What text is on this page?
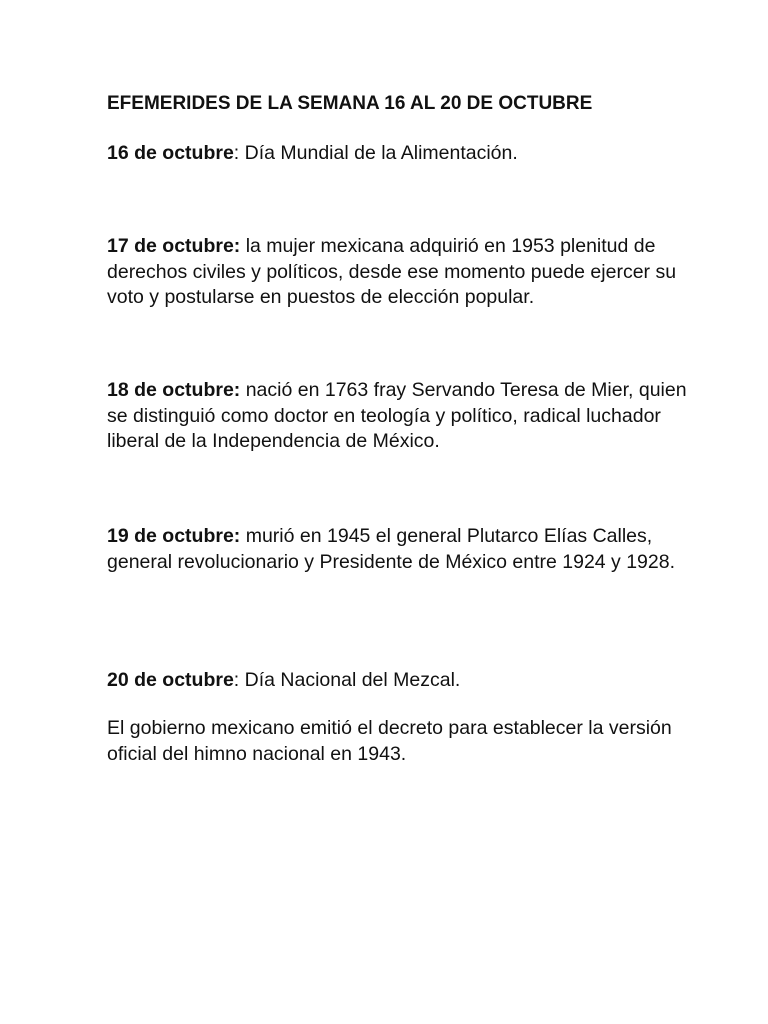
EFEMERIDES DE LA SEMANA 16 AL 20 DE OCTUBRE

16 de octubre: Día Mundial de la Alimentación.

17 de octubre: la mujer mexicana adquirió en 1953 plenitud de derechos civiles y políticos, desde ese momento puede ejercer su voto y postularse en puestos de elección popular.

18 de octubre: nació en 1763 fray Servando Teresa de Mier, quien se distinguió como doctor en teología y político, radical luchador liberal de la Independencia de México.

19 de octubre: murió en 1945 el general Plutarco Elías Calles, general revolucionario y Presidente de México entre 1924 y 1928.

20 de octubre: Día Nacional del Mezcal.

El gobierno mexicano emitió el decreto para establecer la versión oficial del himno nacional en 1943.
